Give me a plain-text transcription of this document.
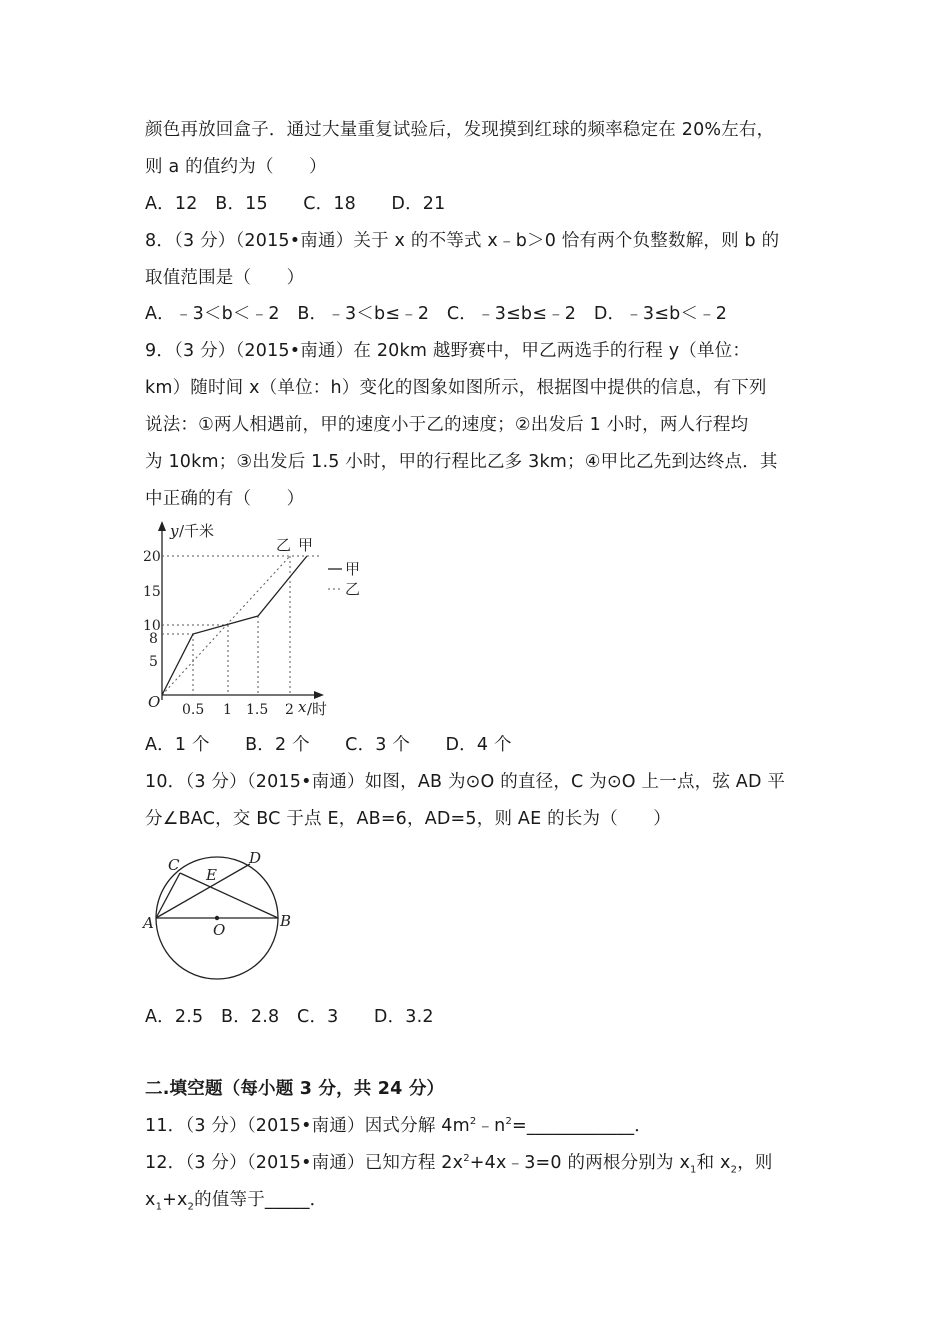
颜色再放回盒子．通过大量重复试验后，发现摸到红球的频率稳定在 20%左右，
则 a 的值约为（　　）
A．12　B．15　　C．18　　D．21
8．（3 分）（2015•南通）关于 x 的不等式 x﹣b＞0 恰有两个负整数解，则 b 的
取值范围是（　　）
A．﹣3＜b＜﹣2　B．﹣3＜b≤﹣2　C．﹣3≤b≤﹣2　D．﹣3≤b＜﹣2
9．（3 分）（2015•南通）在 20km 越野赛中，甲乙两选手的行程 y（单位：
km）随时间 x（单位：h）变化的图象如图所示，根据图中提供的信息，有下列
说法：①两人相遇前，甲的速度小于乙的速度；②出发后 1 小时，两人行程均
为 10km；③出发后 1.5 小时，甲的行程比乙多 3km；④甲比乙先到达终点．其
中正确的有（　　）
20
15
10
8
5
0.5 1 1.5 2
O
y /千米
x /时
乙 甲
甲
乙
A．1 个　　B．2 个　　C．3 个　　D．4 个
10．（3 分）（2015•南通）如图，AB 为⊙O 的直径，C 为⊙O 上一点，弦 AD 平
分∠BAC，交 BC 于点 E，AB=6，AD=5，则 AE 的长为（　　）
C	D
E
A	B
O
A．2.5　B．2.8　C．3　　D．3.2
二.填空题（每小题 3 分，共 24 分）
11．（3 分）（2015•南通）因式分解 $4m^2﹣n^2=\_\_\_\_\_\_\_\_\_\_\_\_$．
12．（3 分）（2015•南通）已知方程 $2x^2+4x﹣3=0$ 的两根分别为 $x_1$和 $x_2$，则
$x_1+x_2$的值等于_____．
